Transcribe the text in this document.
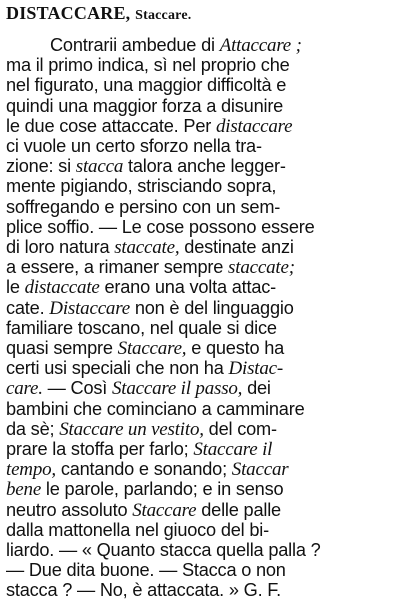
DISTACCARE, Staccare.
Contrarii ambedue di Attaccare ;
ma il primo indica, sì nel proprio che
nel figurato, una maggior difficoltà e
quindi una maggior forza a disunire
le due cose attaccate. Per distaccare
ci vuole un certo sforzo nella tra-
zione: si stacca talora anche legger-
mente pigiando, strisciando sopra,
soffregando e persino con un sem-
plice soffio. — Le cose possono essere
di loro natura staccate, destinate anzi
a essere, a rimaner sempre staccate;
le distaccate erano una volta attac-
cate. Distaccare non è del linguaggio
familiare toscano, nel quale si dice
quasi sempre Staccare, e questo ha
certi usi speciali che non ha Distac-
care. — Così Staccare il passo, dei
bambini che cominciano a camminare
da sè; Staccare un vestito, del com-
prare la stoffa per farlo; Staccare il
tempo, cantando e sonando; Staccar
bene le parole, parlando; e in senso
neutro assoluto Staccare delle palle
dalla mattonella nel giuoco del bi-
liardo. — « Quanto stacca quella palla ?
— Due dita buone. — Stacca o non
stacca ? — No, è attaccata. » G. F.
